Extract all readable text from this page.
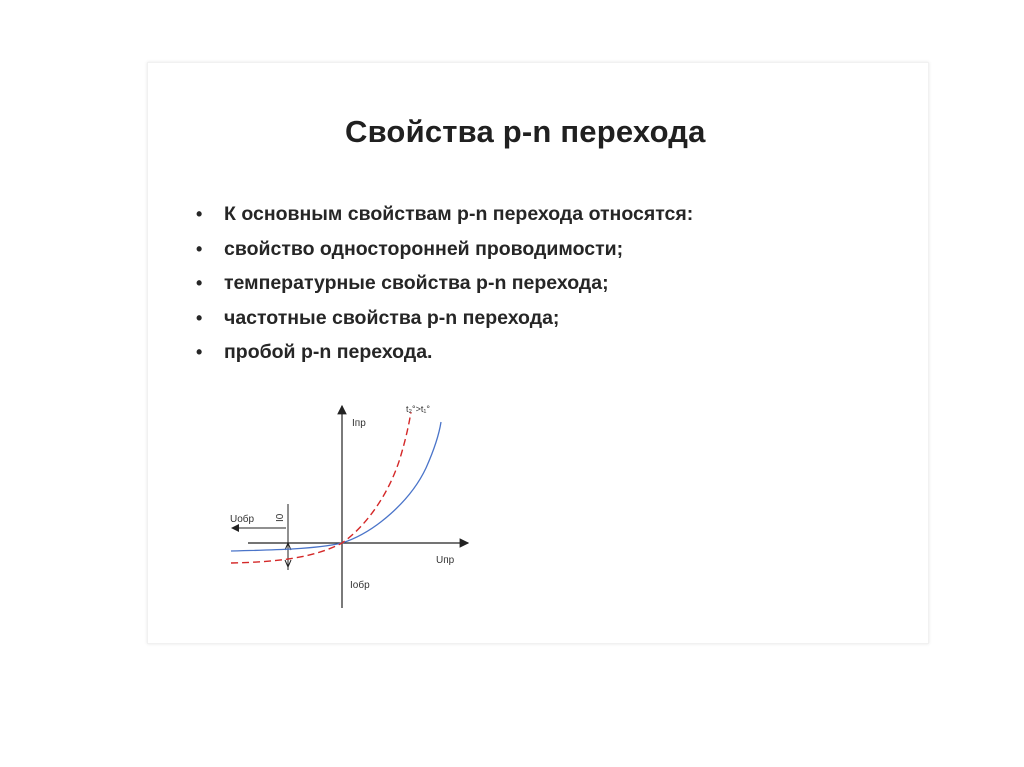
Свойства p-n перехода
• К основным свойствам p-n перехода относятся:
• свойство односторонней проводимости;
• температурные свойства p-n перехода;
• частотные свойства p-n перехода;
• пробой p-n перехода.
Iпр
Iобр
Uпр
Uобр I0
t₂°>t₁°
